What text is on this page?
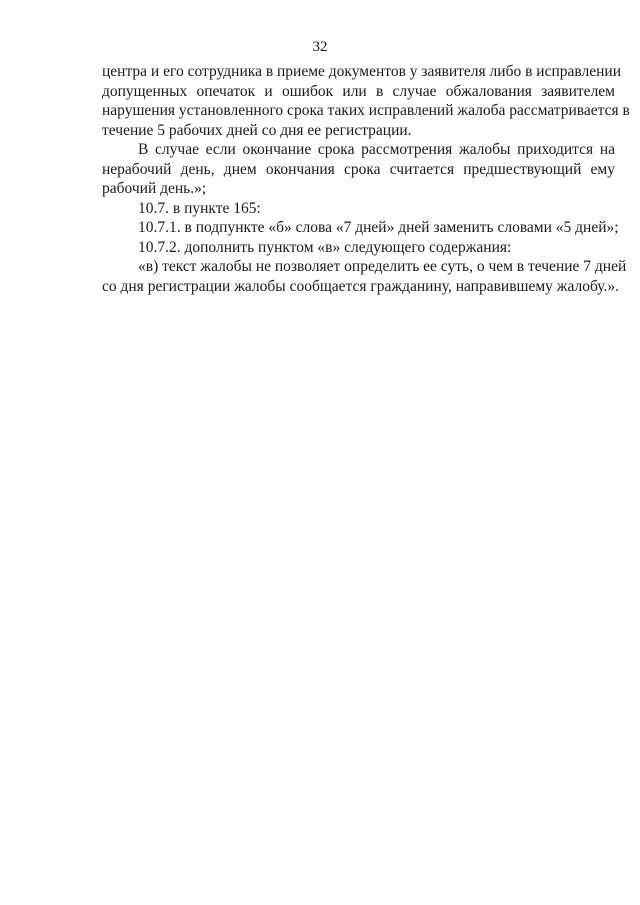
32

центра и его сотрудника в приеме документов у заявителя либо в исправлении
допущенных опечаток и ошибок или в случае обжалования заявителем
нарушения установленного срока таких исправлений жалоба рассматривается в
течение 5 рабочих дней со дня ее регистрации.

В случае если окончание срока рассмотрения жалобы приходится на
нерабочий день, днем окончания срока считается предшествующий ему
рабочий день.»;

10.7. в пункте 165:

10.7.1. в подпункте «б» слова «7 дней» дней заменить словами «5 дней»;

10.7.2. дополнить пунктом «в» следующего содержания:

«в) текст жалобы не позволяет определить ее суть, о чем в течение 7 дней
со дня регистрации жалобы сообщается гражданину, направившему жалобу.».
